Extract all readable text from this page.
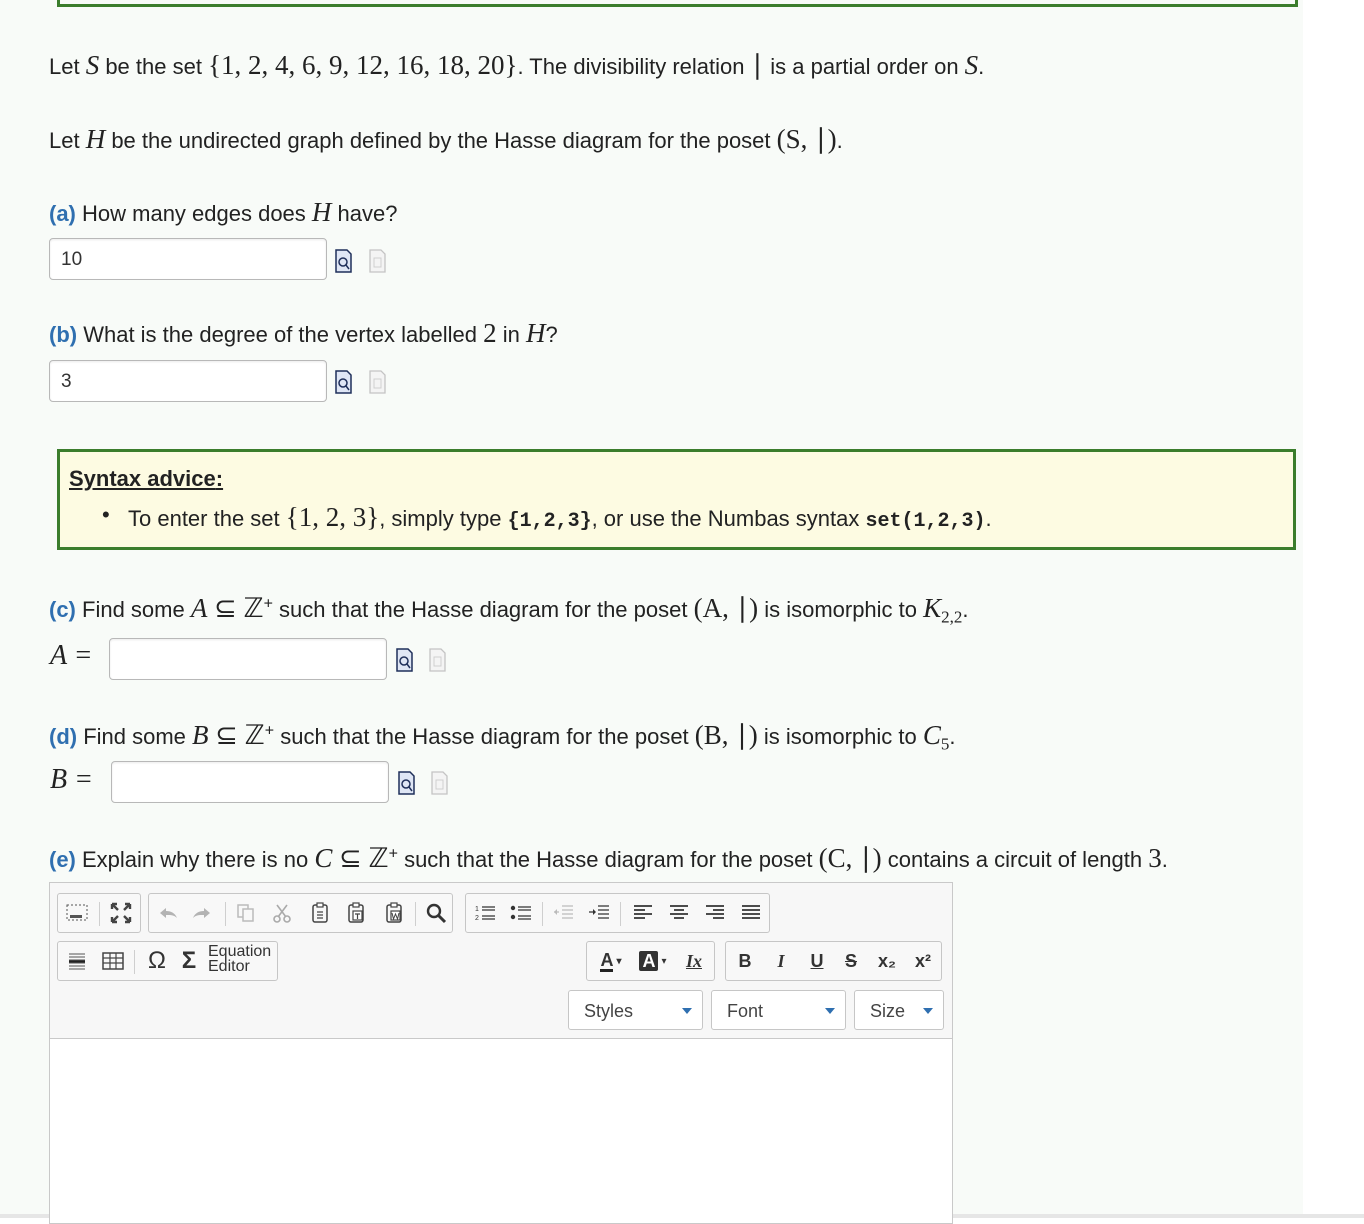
Let S be the set {1, 2, 4, 6, 9, 12, 16, 18, 20}. The divisibility relation ∣ is a partial order on S.
Let H be the undirected graph defined by the Hasse diagram for the poset (S, ∣).
(a) How many edges does H have?
10
(b) What is the degree of the vertex labelled 2 in H?
3
Syntax advice:
• To enter the set {1, 2, 3}, simply type {1,2,3}, or use the Numbas syntax set(1,2,3).
(c) Find some A ⊆ ℤ+ such that the Hasse diagram for the poset (A, ∣) is isomorphic to $K_{2,2}$.
A =
(d) Find some B ⊆ ℤ+ such that the Hasse diagram for the poset (B, ∣) is isomorphic to $C_5$.
B =
(e) Explain why there is no C ⊆ ℤ+ such that the Hasse diagram for the poset (C, ∣) contains a circuit of length 3.
1
2
Ω Σ Equation
Editor	A ▾ A ▾	Ix	B	I	U	S	x₂	x²
Styles	Font	Size
